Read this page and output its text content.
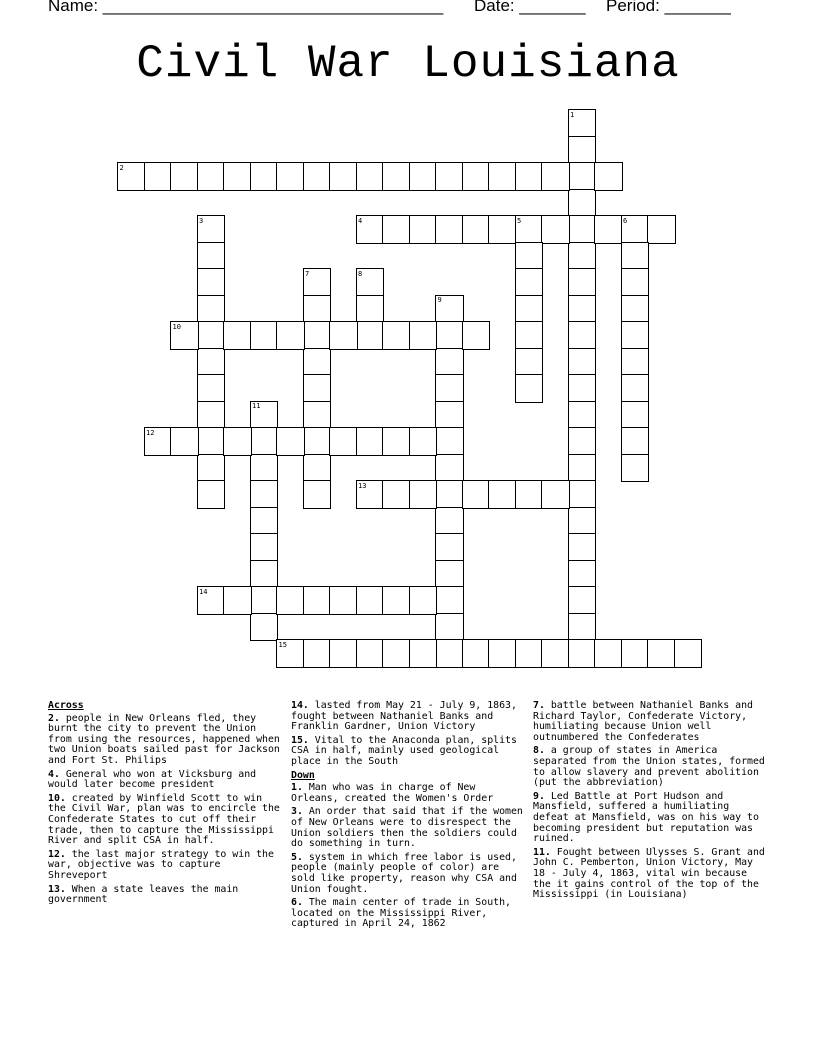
Name: ____________________________________

Date: _______

Period: _______

Civil War Louisiana
1
2
3	4	5	6
7	8
9
10
11
12
13
14
15
Across
2. people in New Orleans fled, they burnt the city to prevent the Union from using the resources, happened when two Union boats sailed past for Jackson and Fort St. Philips
4. General who won at Vicksburg and would later become president
10. created by Winfield Scott to win the Civil War, plan was to encircle the Confederate States to cut off their trade, then to capture the Mississippi River and split CSA in half.
12. the last major strategy to win the war, objective was to capture Shreveport
13. When a state leaves the main government
14. lasted from May 21 - July 9, 1863, fought between Nathaniel Banks and Franklin Gardner, Union Victory
15. Vital to the Anaconda plan, splits CSA in half, mainly used geological place in the South
Down
1. Man who was in charge of New Orleans, created the Women's Order
3. An order that said that if the women of New Orleans were to disrespect the Union soldiers then the soldiers could do something in turn.
5. system in which free labor is used, people (mainly people of color) are sold like property, reason why CSA and Union fought.
6. The main center of trade in South, located on the Mississippi River, captured in April 24, 1862
7. battle between Nathaniel Banks and Richard Taylor, Confederate Victory, humiliating because Union well outnumbered the Confederates
8. a group of states in America separated from the Union states, formed to allow slavery and prevent abolition (put the abbreviation)
9. Led Battle at Port Hudson and Mansfield, suffered a humiliating defeat at Mansfield, was on his way to becoming president but reputation was ruined.
11. Fought between Ulysses S. Grant and John C. Pemberton, Union Victory, May 18 - July 4, 1863, vital win because the it gains control of the top of the Mississippi (in Louisiana)
